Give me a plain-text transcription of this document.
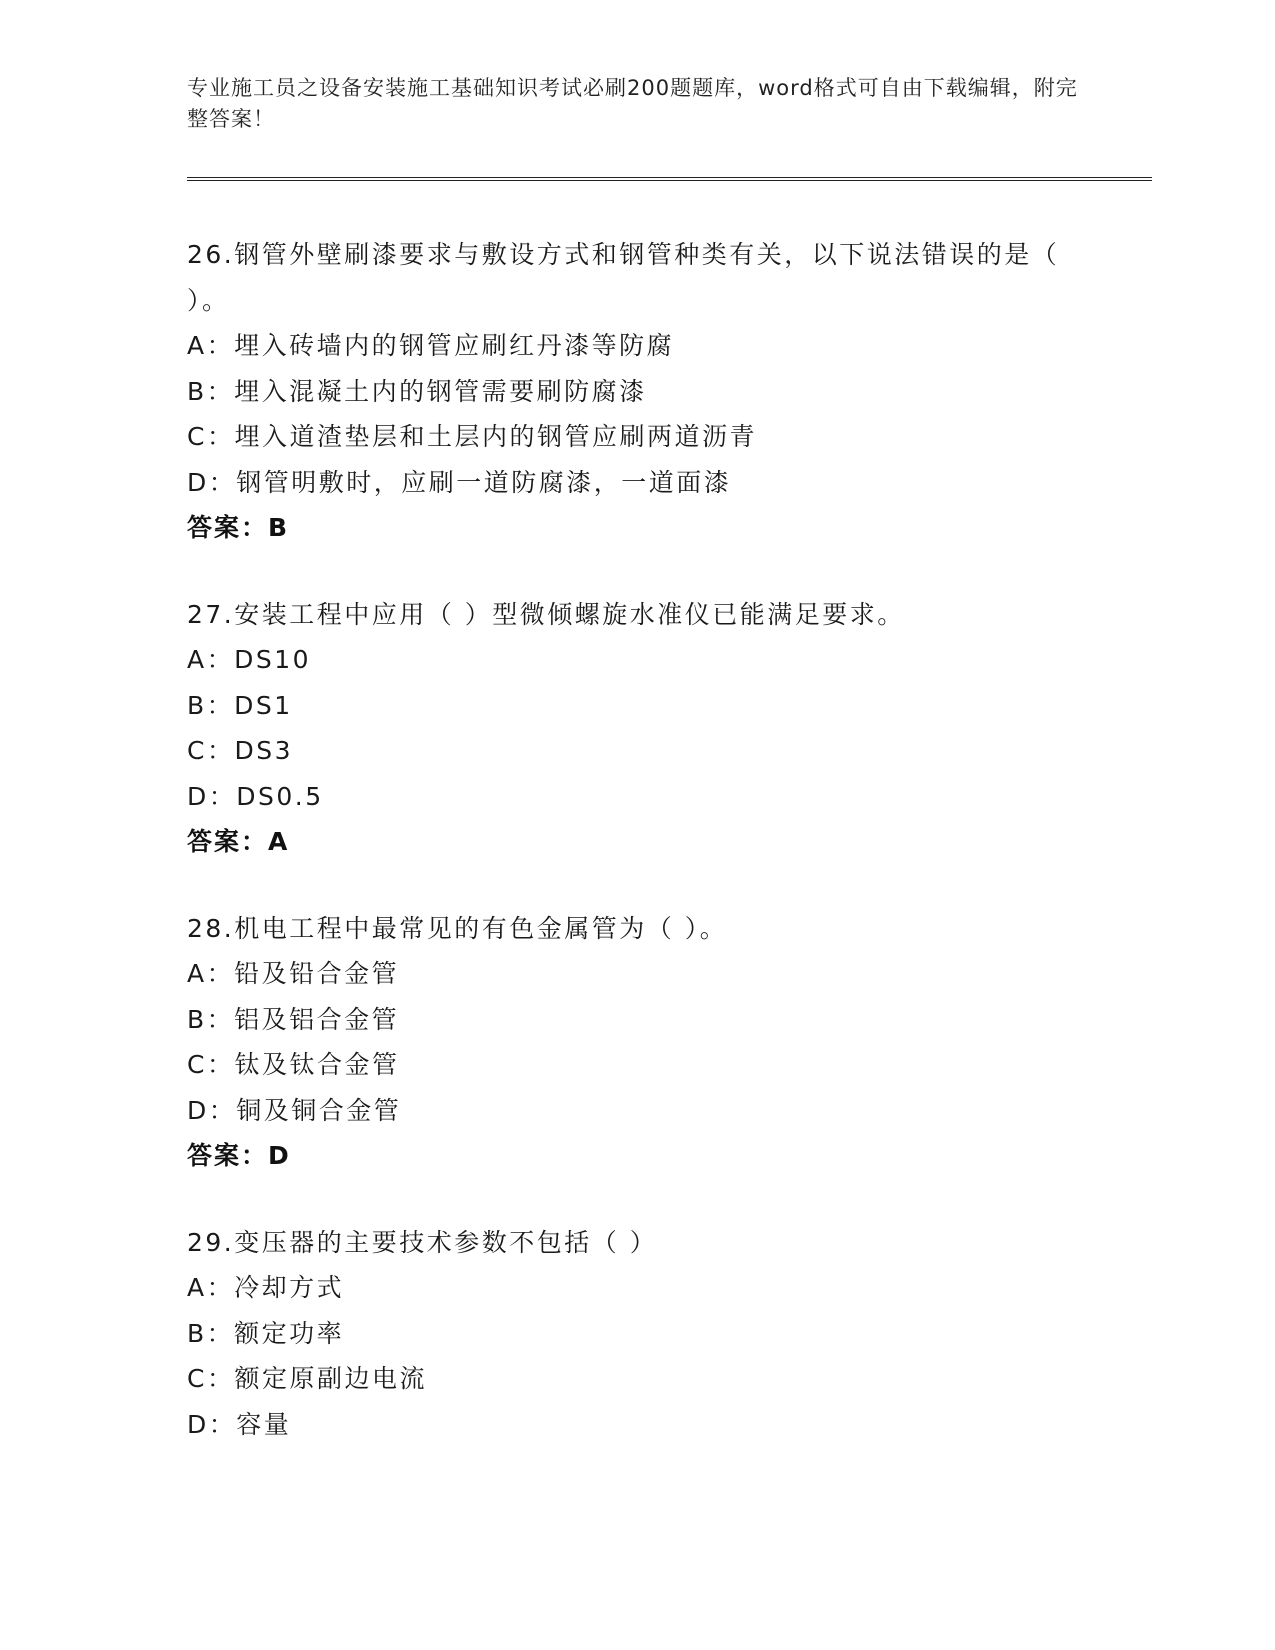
专业施工员之设备安装施工基础知识考试必刷200题题库，word格式可自由下载编辑，附完整答案！
26.钢管外壁刷漆要求与敷设方式和钢管种类有关，以下说法错误的是（ ）。
A：埋入砖墙内的钢管应刷红丹漆等防腐
B：埋入混凝土内的钢管需要刷防腐漆
C：埋入道渣垫层和土层内的钢管应刷两道沥青
D：钢管明敷时，应刷一道防腐漆，一道面漆
答案：B
27.安装工程中应用（ ）型微倾螺旋水准仪已能满足要求。
A：DS10
B：DS1
C：DS3
D：DS0.5
答案：A
28.机电工程中最常见的有色金属管为（ ）。
A：铅及铅合金管
B：铝及铝合金管
C：钛及钛合金管
D：铜及铜合金管
答案：D
29.变压器的主要技术参数不包括（ ）
A：冷却方式
B：额定功率
C：额定原副边电流
D：容量
